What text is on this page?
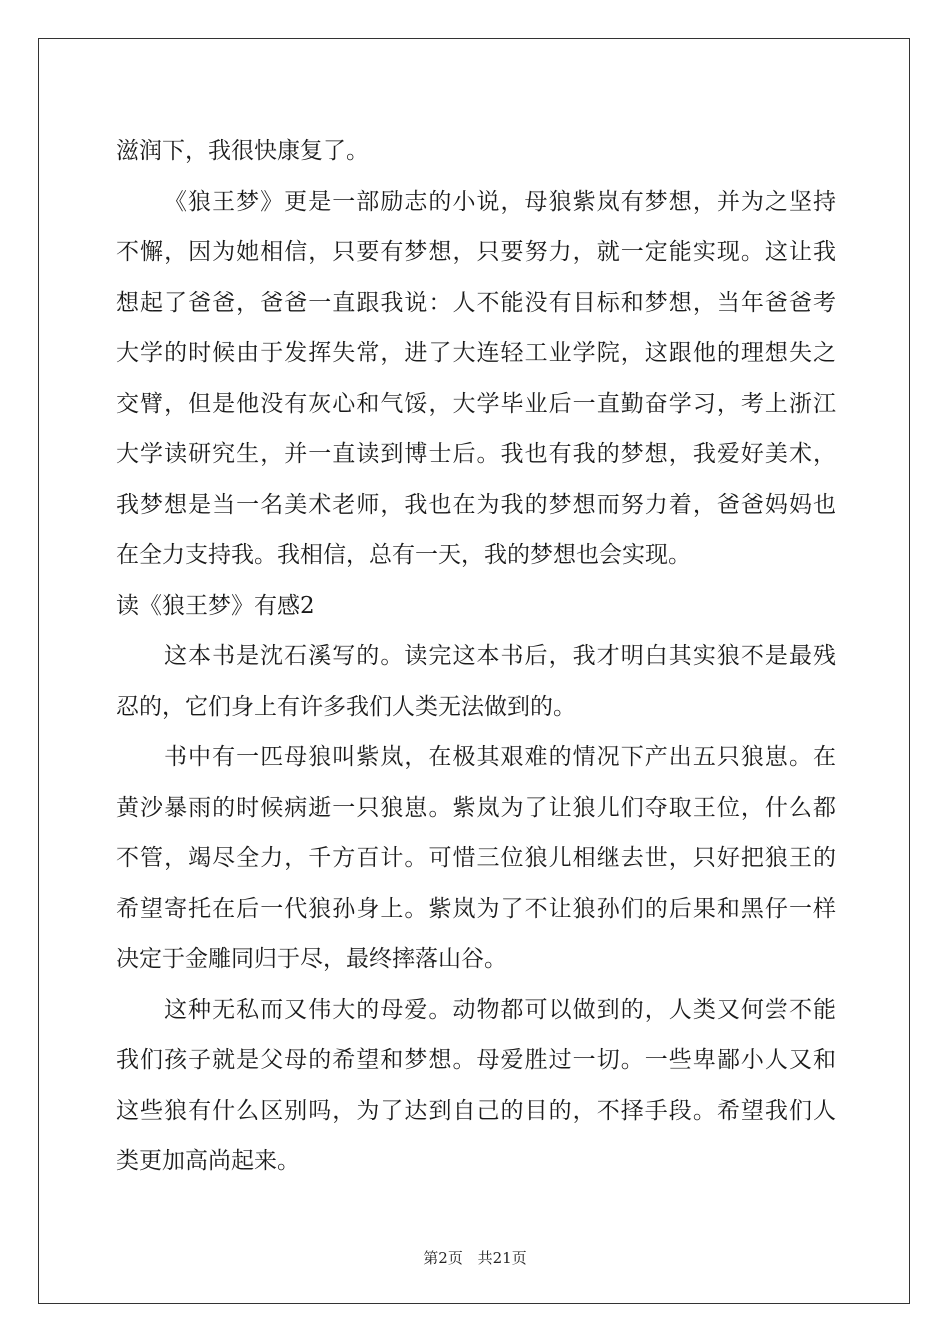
滋润下，我很快康复了。
《狼王梦》更是一部励志的小说，母狼紫岚有梦想，并为之坚持
不懈，因为她相信，只要有梦想，只要努力，就一定能实现。这让我
想起了爸爸，爸爸一直跟我说：人不能没有目标和梦想，当年爸爸考
大学的时候由于发挥失常，进了大连轻工业学院，这跟他的理想失之
交臂，但是他没有灰心和气馁，大学毕业后一直勤奋学习，考上浙江
大学读研究生，并一直读到博士后。我也有我的梦想，我爱好美术，
我梦想是当一名美术老师，我也在为我的梦想而努力着，爸爸妈妈也
在全力支持我。我相信，总有一天，我的梦想也会实现。
读《狼王梦》有感2
这本书是沈石溪写的。读完这本书后，我才明白其实狼不是最残
忍的，它们身上有许多我们人类无法做到的。
书中有一匹母狼叫紫岚，在极其艰难的情况下产出五只狼崽。在
黄沙暴雨的时候病逝一只狼崽。紫岚为了让狼儿们夺取王位，什么都
不管，竭尽全力，千方百计。可惜三位狼儿相继去世，只好把狼王的
希望寄托在后一代狼孙身上。紫岚为了不让狼孙们的后果和黑仔一样
决定于金雕同归于尽，最终摔落山谷。
这种无私而又伟大的母爱。动物都可以做到的，人类又何尝不能
我们孩子就是父母的希望和梦想。母爱胜过一切。一些卑鄙小人又和
这些狼有什么区别吗，为了达到自己的目的，不择手段。希望我们人
类更加高尚起来。
第2页 共21页
